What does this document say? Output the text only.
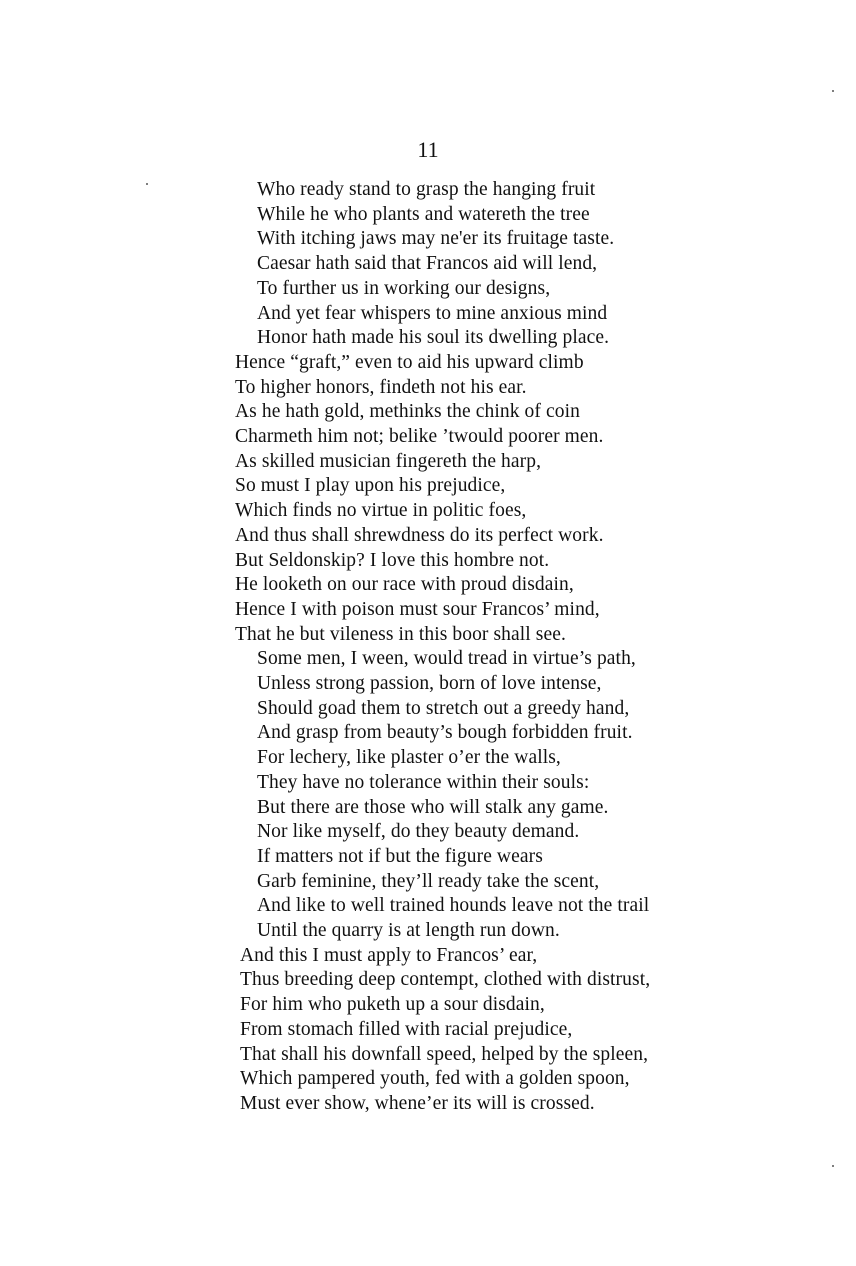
11
Who ready stand to grasp the hanging fruit
While he who plants and watereth the tree
With itching jaws may ne'er its fruitage taste.
Caesar hath said that Francos aid will lend,
To further us in working our designs,
And yet fear whispers to mine anxious mind
Honor hath made his soul its dwelling place.
Hence “graft,” even to aid his upward climb
To higher honors, findeth not his ear.
As he hath gold, methinks the chink of coin
Charmeth him not; belike ’twould poorer men.
As skilled musician fingereth the harp,
So must I play upon his prejudice,
Which finds no virtue in politic foes,
And thus shall shrewdness do its perfect work.
But Seldonskip? I love this hombre not.
He looketh on our race with proud disdain,
Hence I with poison must sour Francos’ mind,
That he but vileness in this boor shall see.
Some men, I ween, would tread in virtue’s path,
Unless strong passion, born of love intense,
Should goad them to stretch out a greedy hand,
And grasp from beauty’s bough forbidden fruit.
For lechery, like plaster o’er the walls,
They have no tolerance within their souls:
But there are those who will stalk any game.
Nor like myself, do they beauty demand.
If matters not if but the figure wears
Garb feminine, they’ll ready take the scent,
And like to well trained hounds leave not the trail
Until the quarry is at length run down.
And this I must apply to Francos’ ear,
Thus breeding deep contempt, clothed with distrust,
For him who puketh up a sour disdain,
From stomach filled with racial prejudice,
That shall his downfall speed, helped by the spleen,
Which pampered youth, fed with a golden spoon,
Must ever show, whene’er its will is crossed.
